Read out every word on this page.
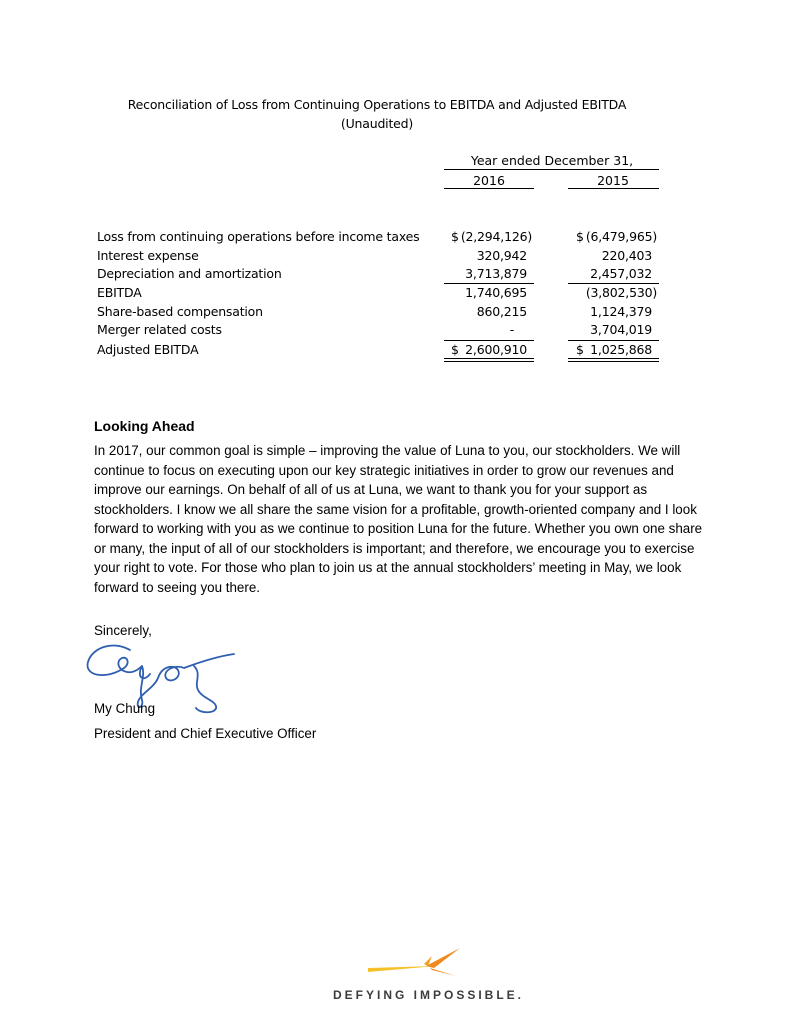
Reconciliation of Loss from Continuing Operations to EBITDA and Adjusted EBITDA
(Unaudited)
Year ended December 31,
2016	2015
Loss from continuing operations before income taxes	$ (2,294,126)	$ (6,479,965)
Interest expense	320,942	220,403
Depreciation and amortization	3,713,879	2,457,032
EBITDA	1,740,695	(3,802,530)
Share-based compensation	860,215	1,124,379
Merger related costs	-	3,704,019
Adjusted EBITDA	$ 2,600,910	$ 1,025,868
Looking Ahead
In 2017, our common goal is simple – improving the value of Luna to you, our stockholders. We will continue to focus on executing upon our key strategic initiatives in order to grow our revenues and improve our earnings. On behalf of all of us at Luna, we want to thank you for your support as stockholders. I know we all share the same vision for a profitable, growth-oriented company and I look forward to working with you as we continue to position Luna for the future. Whether you own one share or many, the input of all of our stockholders is important; and therefore, we encourage you to exercise your right to vote. For those who plan to join us at the annual stockholders’ meeting in May, we look forward to seeing you there.
Sincerely,
My Chung
President and Chief Executive Officer
DEFYING IMPOSSIBLE.
